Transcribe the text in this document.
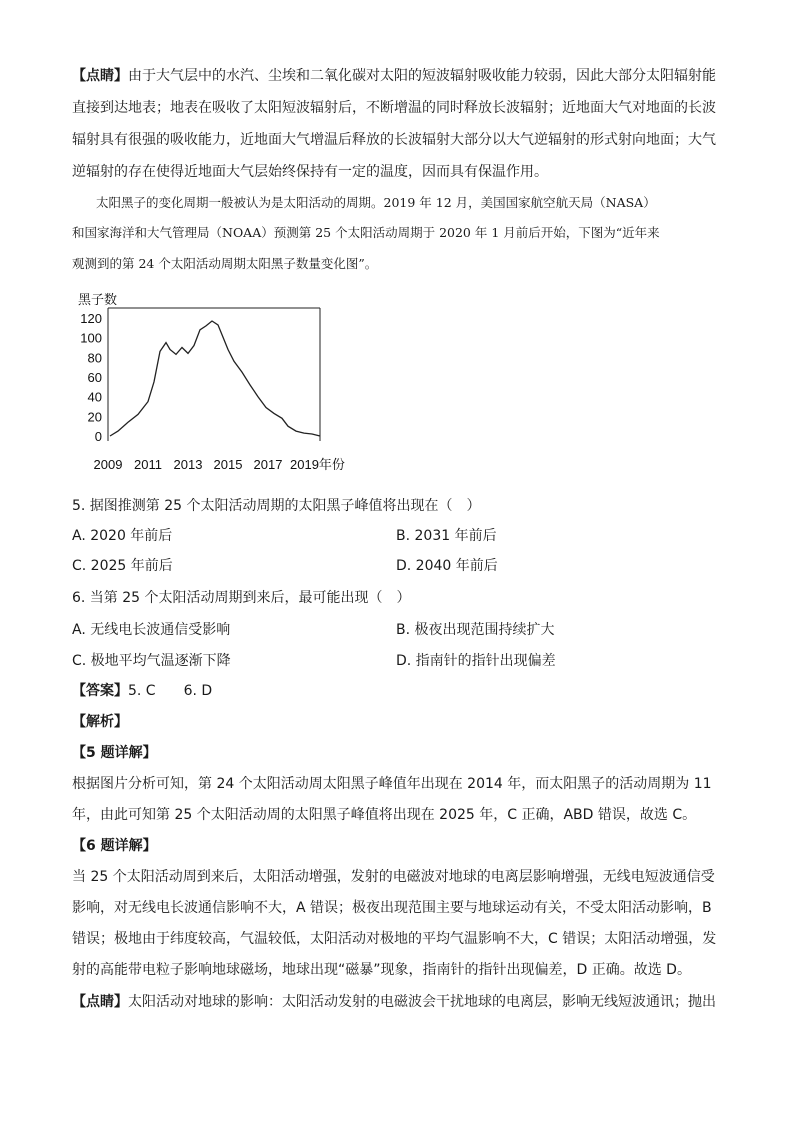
【点睛】由于大气层中的水汽、尘埃和二氧化碳对太阳的短波辐射吸收能力较弱，因此大部分太阳辐射能
直接到达地表；地表在吸收了太阳短波辐射后，不断增温的同时释放长波辐射；近地面大气对地面的长波
辐射具有很强的吸收能力，近地面大气增温后释放的长波辐射大部分以大气逆辐射的形式射向地面；大气
逆辐射的存在使得近地面大气层始终保持有一定的温度，因而具有保温作用。
太阳黑子的变化周期一般被认为是太阳活动的周期。2019 年 12 月，美国国家航空航天局（NASA）
和国家海洋和大气管理局（NOAA）预测第 25 个太阳活动周期于 2020 年 1 月前后开始，下图为“近年来
观测到的第 24 个太阳活动周期太阳黑子数量变化图”。
黑子数
0
20
40
60
80
100
120
2009 2011 2013 2015 2017 2019年份
5. 据图推测第 25 个太阳活动周期的太阳黑子峰值将出现在（　）
A. 2020 年前后	B. 2031 年前后
C. 2025 年前后	D. 2040 年前后
6. 当第 25 个太阳活动周期到来后，最可能出现（　）
A. 无线电长波通信受影响	B. 极夜出现范围持续扩大
C. 极地平均气温逐渐下降	D. 指南针的指针出现偏差
【答案】5. C　　6. D
【解析】
【5 题详解】
根据图片分析可知，第 24 个太阳活动周太阳黑子峰值年出现在 2014 年，而太阳黑子的活动周期为 11
年，由此可知第 25 个太阳活动周的太阳黑子峰值将出现在 2025 年，C 正确，ABD 错误，故选 C。
【6 题详解】
当 25 个太阳活动周到来后，太阳活动增强，发射的电磁波对地球的电离层影响增强，无线电短波通信受
影响，对无线电长波通信影响不大，A 错误；极夜出现范围主要与地球运动有关，不受太阳活动影响，B
错误；极地由于纬度较高，气温较低，太阳活动对极地的平均气温影响不大，C 错误；太阳活动增强，发
射的高能带电粒子影响地球磁场，地球出现“磁暴”现象，指南针的指针出现偏差，D 正确。故选 D。
【点睛】太阳活动对地球的影响：太阳活动发射的电磁波会干扰地球的电离层，影响无线短波通讯；抛出
